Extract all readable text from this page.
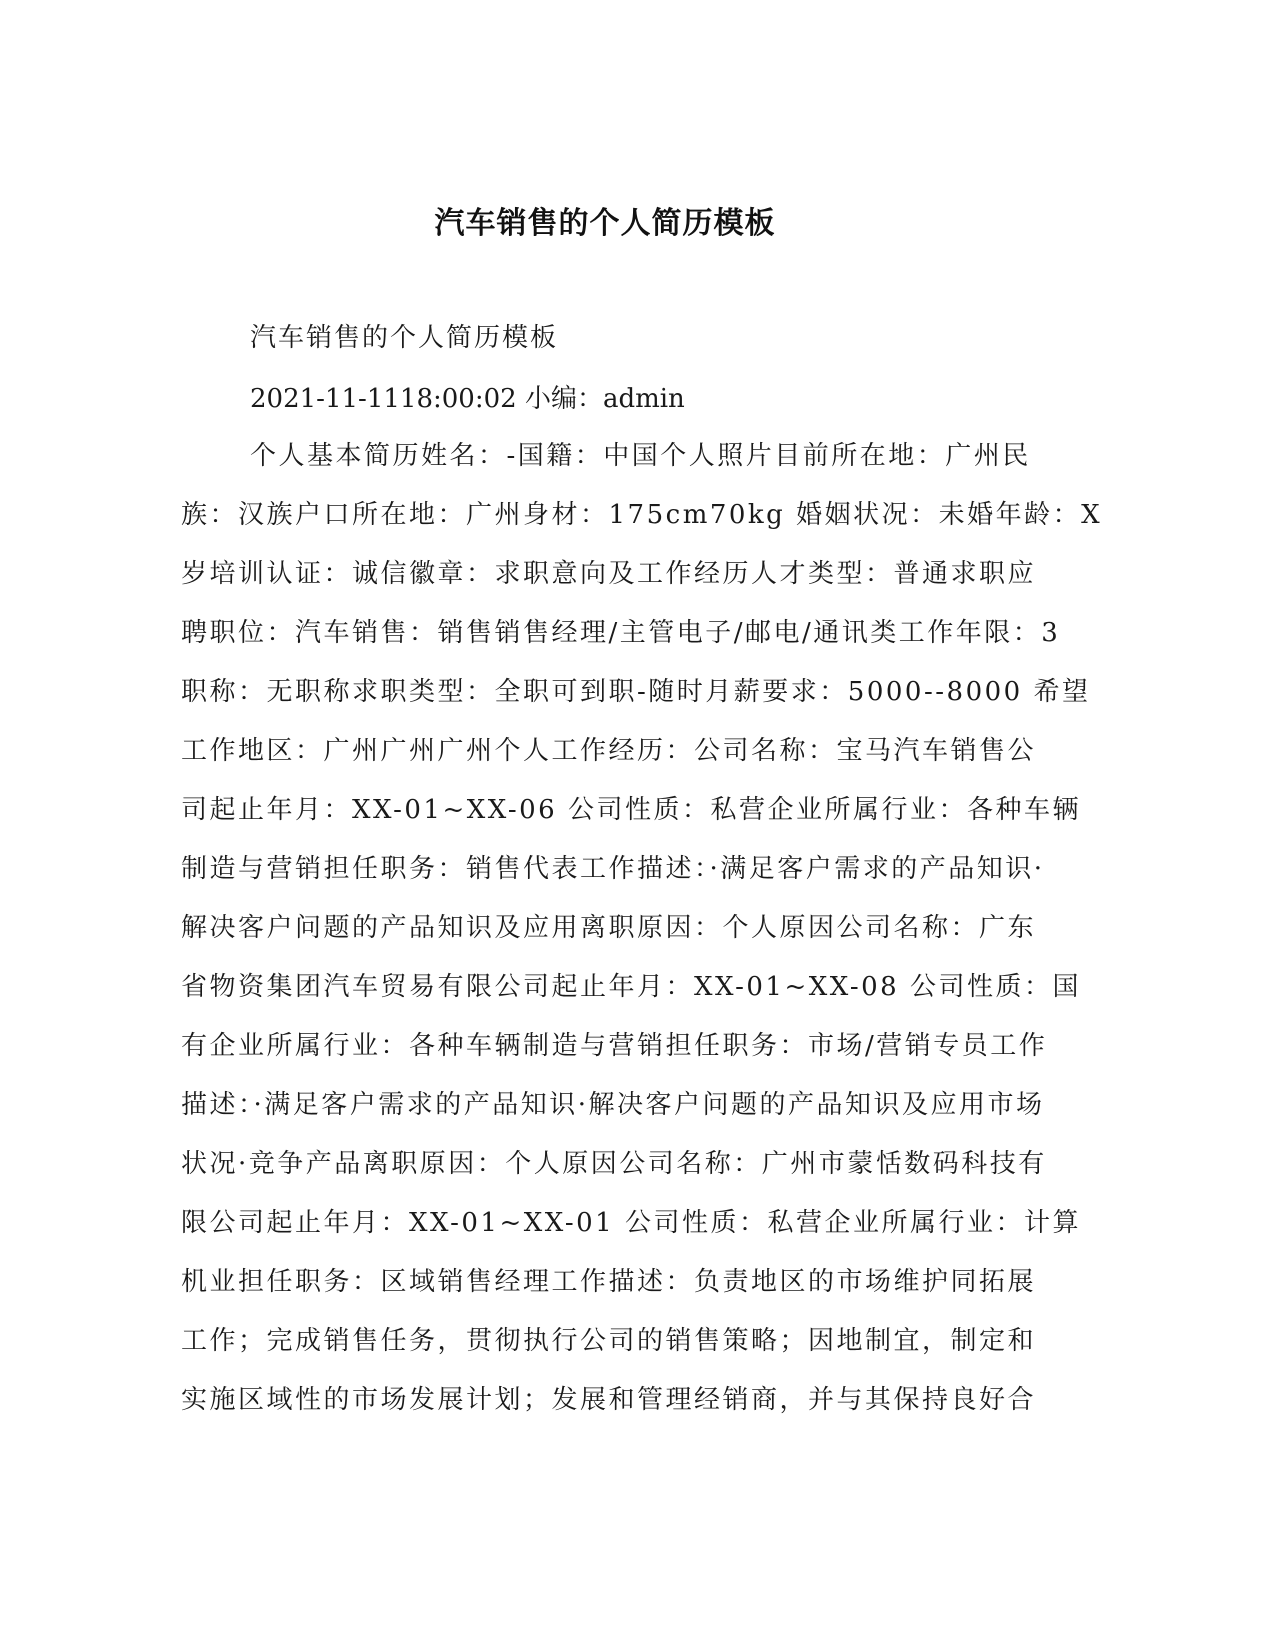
汽车销售的个人简历模板

汽车销售的个人简历模板

2021-11-1118:00:02 小编：admin

个人基本简历姓名：-国籍：中国个人照片目前所在地：广州民
族：汉族户口所在地：广州身材：175cm70kg 婚姻状况：未婚年龄：X
岁培训认证：诚信徽章：求职意向及工作经历人才类型：普通求职应
聘职位：汽车销售：销售销售经理/主管电子/邮电/通讯类工作年限：3
职称：无职称求职类型：全职可到职-随时月薪要求：5000--8000 希望
工作地区：广州广州广州个人工作经历：公司名称：宝马汽车销售公
司起止年月：XX-01~XX-06 公司性质：私营企业所属行业：各种车辆
制造与营销担任职务：销售代表工作描述：·满足客户需求的产品知识·
解决客户问题的产品知识及应用离职原因：个人原因公司名称：广东
省物资集团汽车贸易有限公司起止年月：XX-01~XX-08 公司性质：国
有企业所属行业：各种车辆制造与营销担任职务：市场/营销专员工作
描述：·满足客户需求的产品知识·解决客户问题的产品知识及应用市场
状况·竞争产品离职原因：个人原因公司名称：广州市蒙恬数码科技有
限公司起止年月：XX-01~XX-01 公司性质：私营企业所属行业：计算
机业担任职务：区域销售经理工作描述：负责地区的市场维护同拓展
工作；完成销售任务，贯彻执行公司的销售策略；因地制宜，制定和
实施区域性的市场发展计划；发展和管理经销商，并与其保持良好合
